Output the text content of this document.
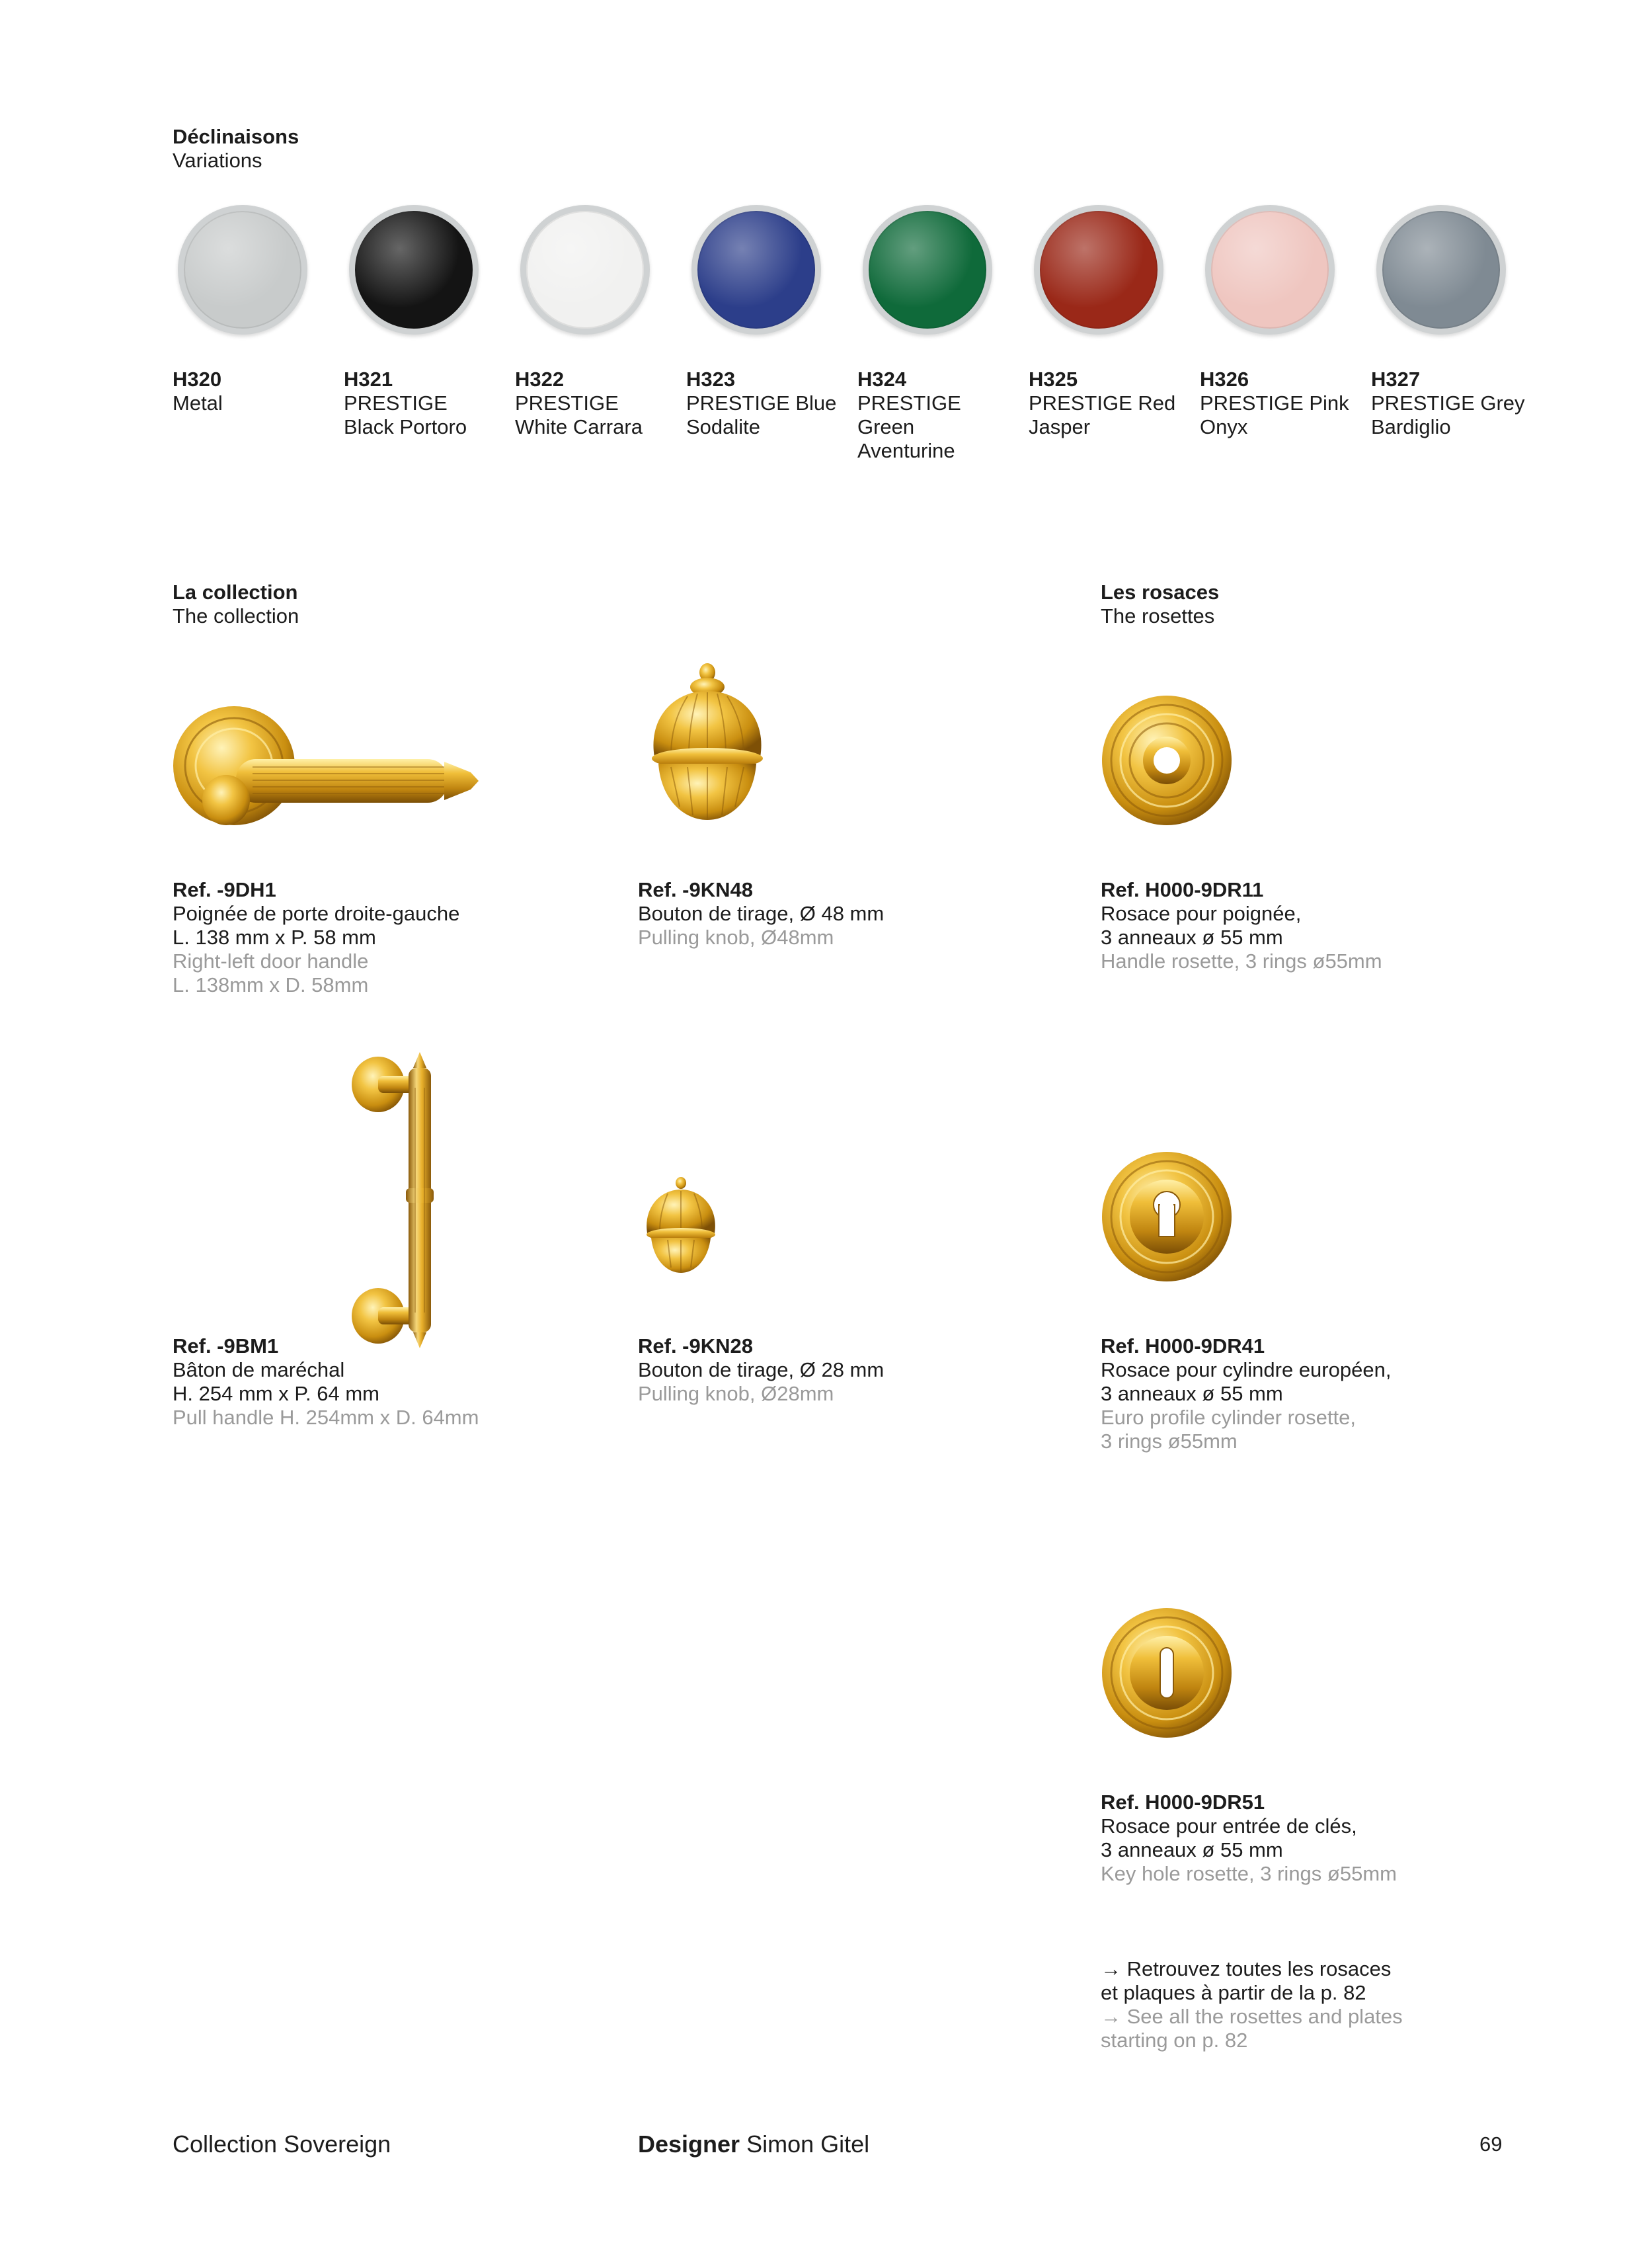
Déclinaisons
Variations
H320
Metal
H321
PRESTIGE
Black Portoro
H322
PRESTIGE
White Carrara
H323
PRESTIGE Blue
Sodalite
H324
PRESTIGE
Green
Aventurine
H325
PRESTIGE Red
Jasper
H326
PRESTIGE Pink
Onyx
H327
PRESTIGE Grey
Bardiglio
La collection
The collection
Les rosaces
The rosettes
Ref. -9DH1
Poignée de porte droite-gauche
L. 138 mm x P. 58 mm
Right-left door handle
L. 138mm x D. 58mm
Ref. -9KN48
Bouton de tirage, Ø 48 mm
Pulling knob, Ø48mm
Ref. H000-9DR11
Rosace pour poignée,
3 anneaux ø 55 mm
Handle rosette, 3 rings ø55mm
Ref. -9BM1
Bâton de maréchal
H. 254 mm x P. 64 mm
Pull handle H. 254mm x D. 64mm
Ref. -9KN28
Bouton de tirage, Ø 28 mm
Pulling knob, Ø28mm
Ref. H000-9DR41
Rosace pour cylindre européen,
3 anneaux ø 55 mm
Euro profile cylinder rosette,
3 rings ø55mm
Ref. H000-9DR51
Rosace pour entrée de clés,
3 anneaux ø 55 mm
Key hole rosette, 3 rings ø55mm
→ Retrouvez toutes les rosaces
et plaques à partir de la p. 82
→ See all the rosettes and plates
starting on p. 82
Collection Sovereign	Designer Simon Gitel	69
